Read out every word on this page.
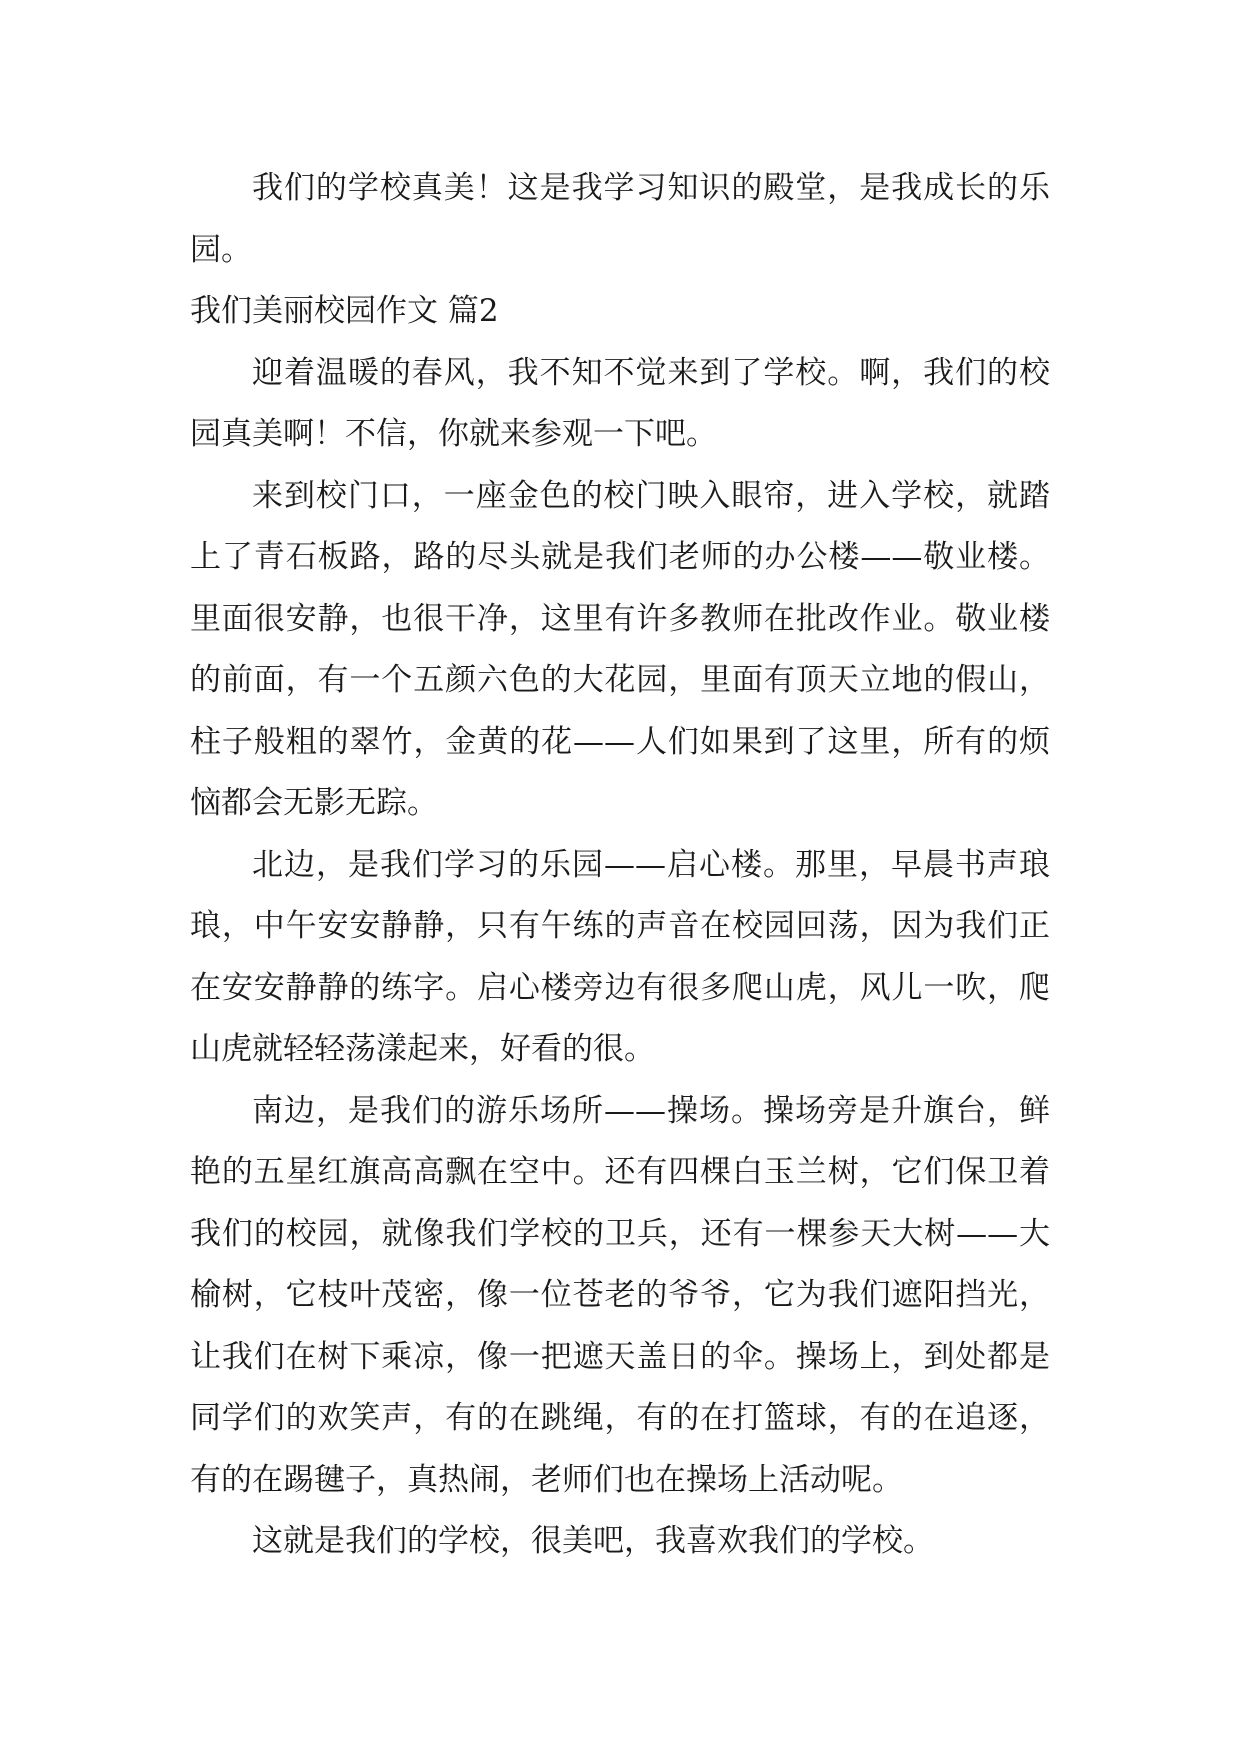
我们的学校真美！这是我学习知识的殿堂，是我成长的乐园。

我们美丽校园作文 篇2

迎着温暖的春风，我不知不觉来到了学校。啊，我们的校园真美啊！不信，你就来参观一下吧。

来到校门口，一座金色的校门映入眼帘，进入学校，就踏上了青石板路，路的尽头就是我们老师的办公楼——敬业楼。里面很安静，也很干净，这里有许多教师在批改作业。敬业楼的前面，有一个五颜六色的大花园，里面有顶天立地的假山，柱子般粗的翠竹，金黄的花——人们如果到了这里，所有的烦恼都会无影无踪。

北边，是我们学习的乐园——启心楼。那里，早晨书声琅琅，中午安安静静，只有午练的声音在校园回荡，因为我们正在安安静静的练字。启心楼旁边有很多爬山虎，风儿一吹，爬山虎就轻轻荡漾起来，好看的很。

南边，是我们的游乐场所——操场。操场旁是升旗台，鲜艳的五星红旗高高飘在空中。还有四棵白玉兰树，它们保卫着我们的校园，就像我们学校的卫兵，还有一棵参天大树——大榆树，它枝叶茂密，像一位苍老的爷爷，它为我们遮阳挡光，让我们在树下乘凉，像一把遮天盖日的伞。操场上，到处都是同学们的欢笑声，有的在跳绳，有的在打篮球，有的在追逐，有的在踢毽子，真热闹，老师们也在操场上活动呢。

这就是我们的学校，很美吧，我喜欢我们的学校。
